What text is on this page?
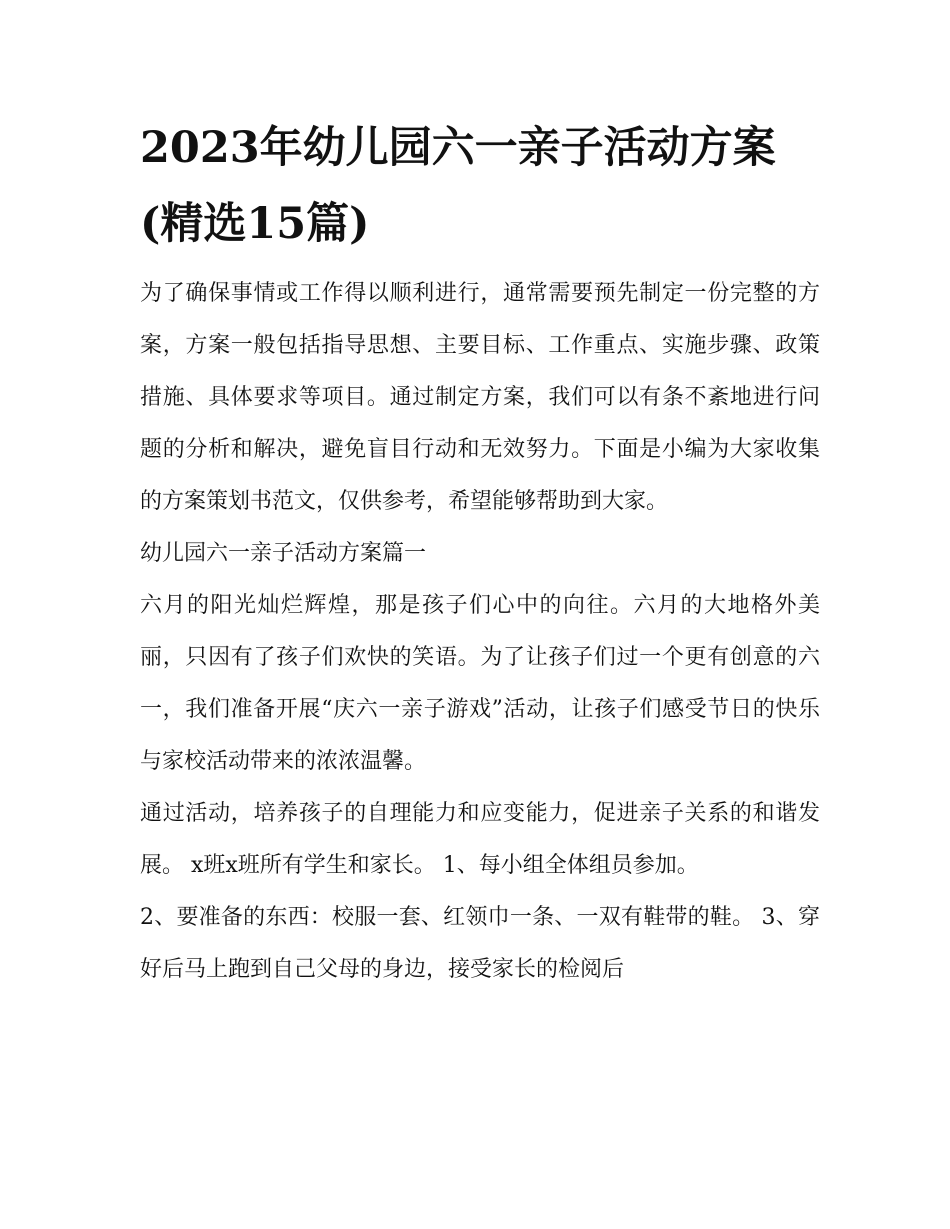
2023年幼儿园六一亲子活动方案(精选15篇)

为了确保事情或工作得以顺利进行，通常需要预先制定一份完整的方案，方案一般包括指导思想、主要目标、工作重点、实施步骤、政策措施、具体要求等项目。通过制定方案，我们可以有条不紊地进行问题的分析和解决，避免盲目行动和无效努力。下面是小编为大家收集的方案策划书范文，仅供参考，希望能够帮助到大家。

幼儿园六一亲子活动方案篇一

六月的阳光灿烂辉煌，那是孩子们心中的向往。六月的大地格外美丽，只因有了孩子们欢快的笑语。为了让孩子们过一个更有创意的六一，我们准备开展“庆六一亲子游戏”活动，让孩子们感受节日的快乐与家校活动带来的浓浓温馨。

通过活动，培养孩子的自理能力和应变能力，促进亲子关系的和谐发展。 x班x班所有学生和家长。 1、每小组全体组员参加。

2、要准备的东西：校服一套、红领巾一条、一双有鞋带的鞋。 3、穿好后马上跑到自己父母的身边，接受家长的检阅后
